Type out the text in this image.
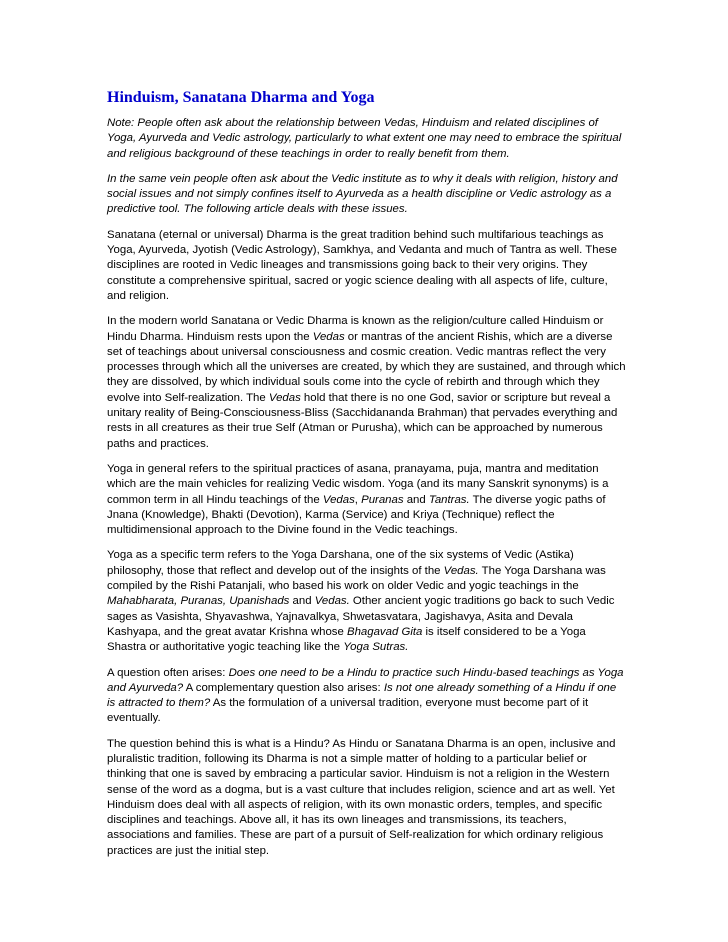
Hinduism, Sanatana Dharma and Yoga

Note: People often ask about the relationship between Vedas, Hinduism and related disciplines of Yoga, Ayurveda and Vedic astrology, particularly to what extent one may need to embrace the spiritual and religious background of these teachings in order to really benefit from them.

In the same vein people often ask about the Vedic institute as to why it deals with religion, history and social issues and not simply confines itself to Ayurveda as a health discipline or Vedic astrology as a predictive tool. The following article deals with these issues.

Sanatana (eternal or universal) Dharma is the great tradition behind such multifarious teachings as Yoga, Ayurveda, Jyotish (Vedic Astrology), Samkhya, and Vedanta and much of Tantra as well. These disciplines are rooted in Vedic lineages and transmissions going back to their very origins. They constitute a comprehensive spiritual, sacred or yogic science dealing with all aspects of life, culture, and religion.

In the modern world Sanatana or Vedic Dharma is known as the religion/culture called Hinduism or Hindu Dharma. Hinduism rests upon the Vedas or mantras of the ancient Rishis, which are a diverse set of teachings about universal consciousness and cosmic creation. Vedic mantras reflect the very processes through which all the universes are created, by which they are sustained, and through which they are dissolved, by which individual souls come into the cycle of rebirth and through which they evolve into Self-realization. The Vedas hold that there is no one God, savior or scripture but reveal a unitary reality of Being-Consciousness-Bliss (Sacchidananda Brahman) that pervades everything and rests in all creatures as their true Self (Atman or Purusha), which can be approached by numerous paths and practices.

Yoga in general refers to the spiritual practices of asana, pranayama, puja, mantra and meditation which are the main vehicles for realizing Vedic wisdom. Yoga (and its many Sanskrit synonyms) is a common term in all Hindu teachings of the Vedas, Puranas and Tantras. The diverse yogic paths of Jnana (Knowledge), Bhakti (Devotion), Karma (Service) and Kriya (Technique) reflect the multidimensional approach to the Divine found in the Vedic teachings.

Yoga as a specific term refers to the Yoga Darshana, one of the six systems of Vedic (Astika) philosophy, those that reflect and develop out of the insights of the Vedas. The Yoga Darshana was compiled by the Rishi Patanjali, who based his work on older Vedic and yogic teachings in the Mahabharata, Puranas, Upanishads and Vedas. Other ancient yogic traditions go back to such Vedic sages as Vasishta, Shyavashwa, Yajnavalkya, Shwetasvatara, Jagishavya, Asita and Devala Kashyapa, and the great avatar Krishna whose Bhagavad Gita is itself considered to be a Yoga Shastra or authoritative yogic teaching like the Yoga Sutras.

A question often arises: Does one need to be a Hindu to practice such Hindu-based teachings as Yoga and Ayurveda? A complementary question also arises: Is not one already something of a Hindu if one is attracted to them? As the formulation of a universal tradition, everyone must become part of it eventually.

The question behind this is what is a Hindu? As Hindu or Sanatana Dharma is an open, inclusive and pluralistic tradition, following its Dharma is not a simple matter of holding to a particular belief or thinking that one is saved by embracing a particular savior. Hinduism is not a religion in the Western sense of the word as a dogma, but is a vast culture that includes religion, science and art as well. Yet Hinduism does deal with all aspects of religion, with its own monastic orders, temples, and specific disciplines and teachings. Above all, it has its own lineages and transmissions, its teachers, associations and families. These are part of a pursuit of Self-realization for which ordinary religious practices are just the initial step.
